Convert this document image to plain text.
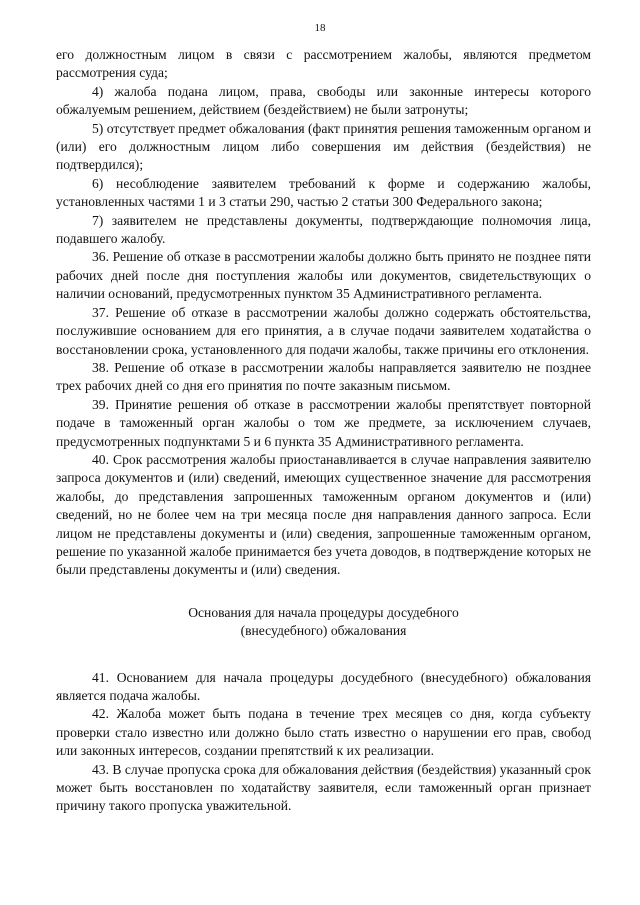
18

его должностным лицом в связи с рассмотрением жалобы, являются предметом рассмотрения суда;

4) жалоба подана лицом, права, свободы или законные интересы которого обжалуемым решением, действием (бездействием) не были затронуты;

5) отсутствует предмет обжалования (факт принятия решения таможенным органом и (или) его должностным лицом либо совершения им действия (бездействия) не подтвердился);

6) несоблюдение заявителем требований к форме и содержанию жалобы, установленных частями 1 и 3 статьи 290, частью 2 статьи 300 Федерального закона;

7) заявителем не представлены документы, подтверждающие полномочия лица, подавшего жалобу.

36. Решение об отказе в рассмотрении жалобы должно быть принято не позднее пяти рабочих дней после дня поступления жалобы или документов, свидетельствующих о наличии оснований, предусмотренных пунктом 35 Административного регламента.

37. Решение об отказе в рассмотрении жалобы должно содержать обстоятельства, послужившие основанием для его принятия, а в случае подачи заявителем ходатайства о восстановлении срока, установленного для подачи жалобы, также причины его отклонения.

38. Решение об отказе в рассмотрении жалобы направляется заявителю не позднее трех рабочих дней со дня его принятия по почте заказным письмом.

39. Принятие решения об отказе в рассмотрении жалобы препятствует повторной подаче в таможенный орган жалобы о том же предмете, за исключением случаев, предусмотренных подпунктами 5 и 6 пункта 35 Административного регламента.

40. Срок рассмотрения жалобы приостанавливается в случае направления заявителю запроса документов и (или) сведений, имеющих существенное значение для рассмотрения жалобы, до представления запрошенных таможенным органом документов и (или) сведений, но не более чем на три месяца после дня направления данного запроса. Если лицом не представлены документы и (или) сведения, запрошенные таможенным органом, решение по указанной жалобе принимается без учета доводов, в подтверждение которых не были представлены документы и (или) сведения.

Основания для начала процедуры досудебного
(внесудебного) обжалования

41. Основанием для начала процедуры досудебного (внесудебного) обжалования является подача жалобы.

42. Жалоба может быть подана в течение трех месяцев со дня, когда субъекту проверки стало известно или должно было стать известно о нарушении его прав, свобод или законных интересов, создании препятствий к их реализации.

43. В случае пропуска срока для обжалования действия (бездействия) указанный срок может быть восстановлен по ходатайству заявителя, если таможенный орган признает причину такого пропуска уважительной.
